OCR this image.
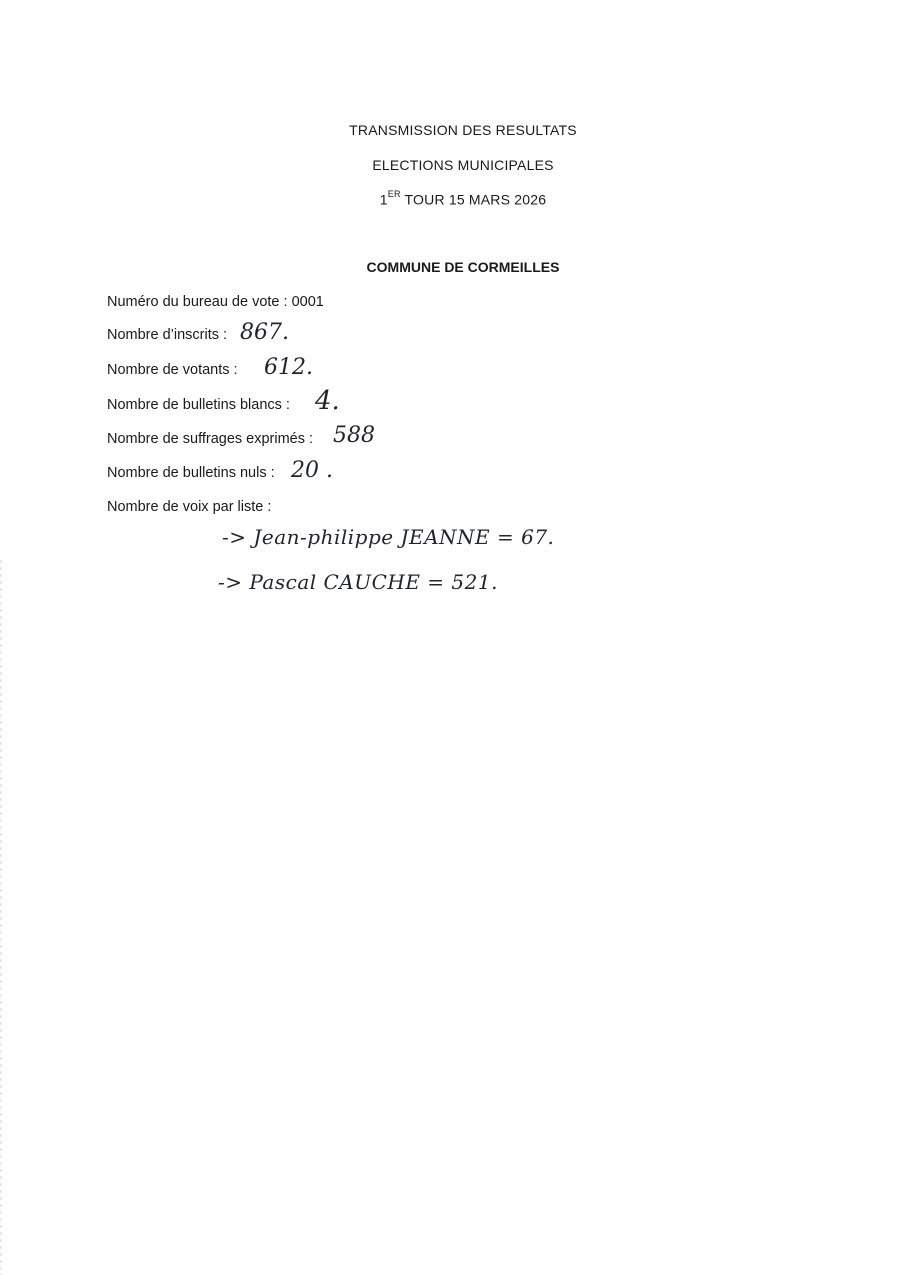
TRANSMISSION DES RESULTATS
ELECTIONS MUNICIPALES
1ER TOUR 15 MARS 2026
COMMUNE DE CORMEILLES
Numéro du bureau de vote : 0001
Nombre d’inscrits : 867.
Nombre de votants : 612.
Nombre de bulletins blancs : 4.
Nombre de suffrages exprimés : 588
Nombre de bulletins nuls : 20 .
Nombre de voix par liste :
-> Jean-philippe JEANNE = 67.
-> Pascal CAUCHE = 521.
